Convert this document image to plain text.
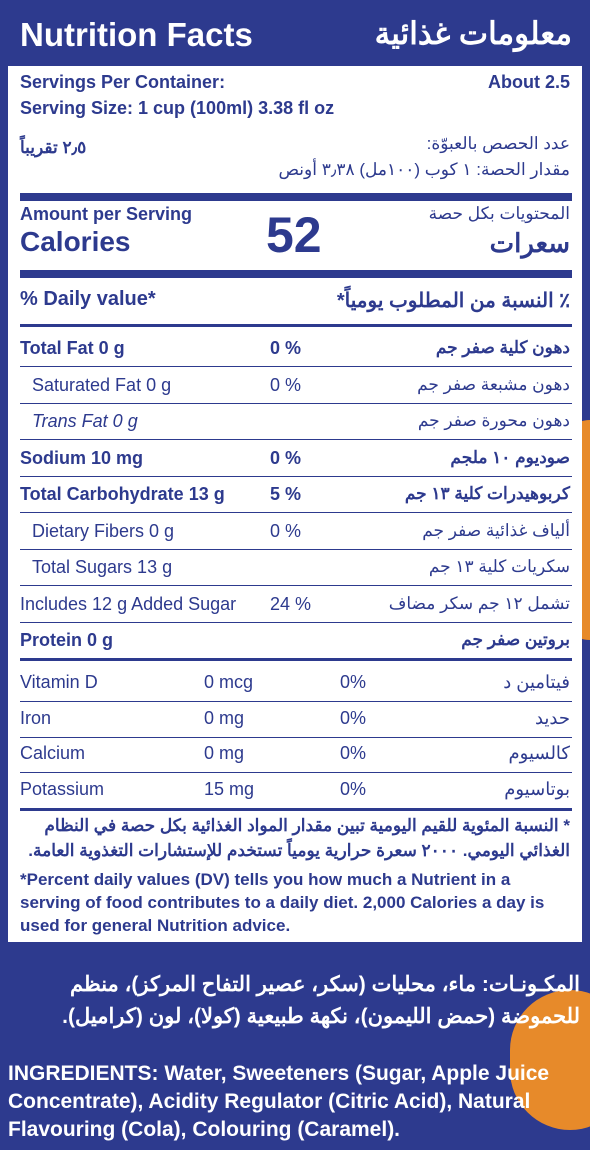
Nutrition Facts	معلومات غذائية
Servings Per Container:	About 2.5
Serving Size: 1 cup (100ml) 3.38 fl oz
٢٫٥ تقريباً	عدد الحصص بالعبوّة:
مقدار الحصة: ١ كوب (١٠٠مل) ٣٫٣٨ أونص
Amount per Serving
Calories	52	المحتويات بكل حصة
سعرات
% Daily value*	٪ النسبة من المطلوب يومياً*
Total Fat 0 g	0 %	دهون كلية صفر جم
Saturated Fat 0 g	0 %	دهون مشبعة صفر جم
Trans Fat 0 g	دهون محورة صفر جم
Sodium 10 mg	0 %	صوديوم ١٠ ملجم
Total Carbohydrate 13 g	5 %	كربوهيدرات كلية ١٣ جم
Dietary Fibers 0 g	0 %	ألياف غذائية صفر جم
Total Sugars 13 g	سكريات كلية ١٣ جم
Includes 12 g Added Sugar 24 %	تشمل ١٢ جم سكر مضاف
Protein 0 g	بروتين صفر جم
Vitamin D	0 mcg	0%	فيتامين د
Iron	0 mg	0%	حديد
Calcium	0 mg	0%	كالسيوم
Potassium	15 mg	0%	بوتاسيوم
* النسبة المئوية للقيم اليومية تبين مقدار المواد الغذائية بكل حصة في النظام
الغذائي اليومي. ٢٠٠٠ سعرة حرارية يومياً تستخدم للإستشارات التغذوية العامة.
*Percent daily values (DV) tells you how much a Nutrient in a
serving of food contributes to a daily diet. 2,000 Calories a day is
used for general Nutrition advice.
المكـونـات: ماء، محليات (سكر، عصير التفاح المركز)، منظم
للحموضة (حمض الليمون)، نكهة طبيعية (كولا)، لون (كراميل).
INGREDIENTS: Water, Sweeteners (Sugar, Apple Juice
Concentrate), Acidity Regulator (Citric Acid), Natural
Flavouring (Cola), Colouring (Caramel).
